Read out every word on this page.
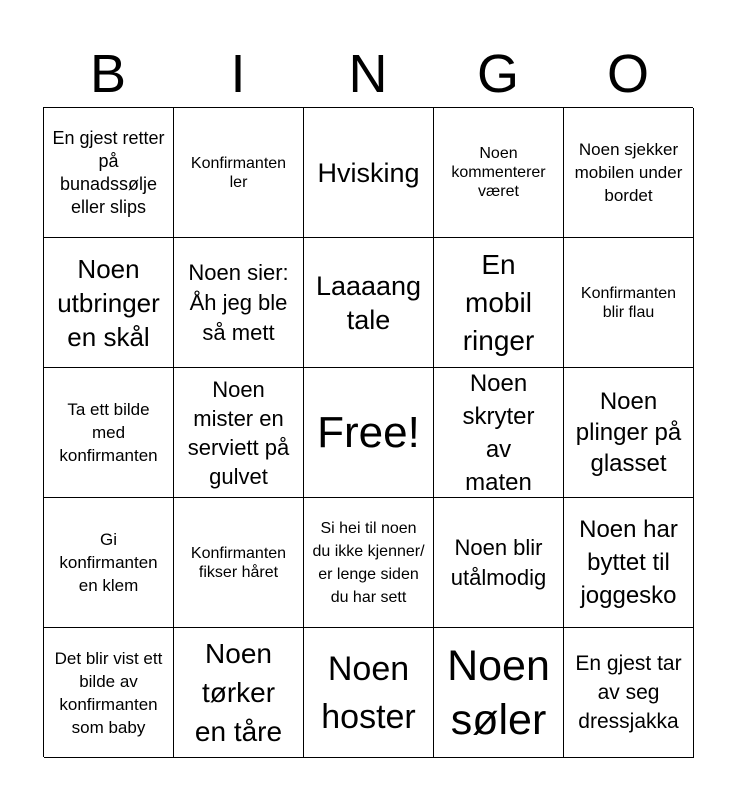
B	I	N	G	O
En gjest retter på bunadssølje eller slips
Konfirmanten ler	Hvisking
Noen kommenterer været
Noen sjekker mobilen under bordet
Noen utbringer en skål
Noen sier: Åh jeg ble så mett
Laaaang tale
En mobil ringer
Konfirmanten blir flau
Ta ett bilde med konfirmanten
Noen mister en serviett på gulvet
Free!
Noen skryter av maten
Noen plinger på glasset
Gi konfirmanten en klem
Konfirmanten fikser håret
Si hei til noen du ikke kjenner/ er lenge siden du har sett
Noen blir utålmodig
Noen har byttet til joggesko
Det blir vist ett bilde av konfirmanten som baby
Noen tørker en tåre
Noen hoster
Noen søler
En gjest tar av seg dressjakka
